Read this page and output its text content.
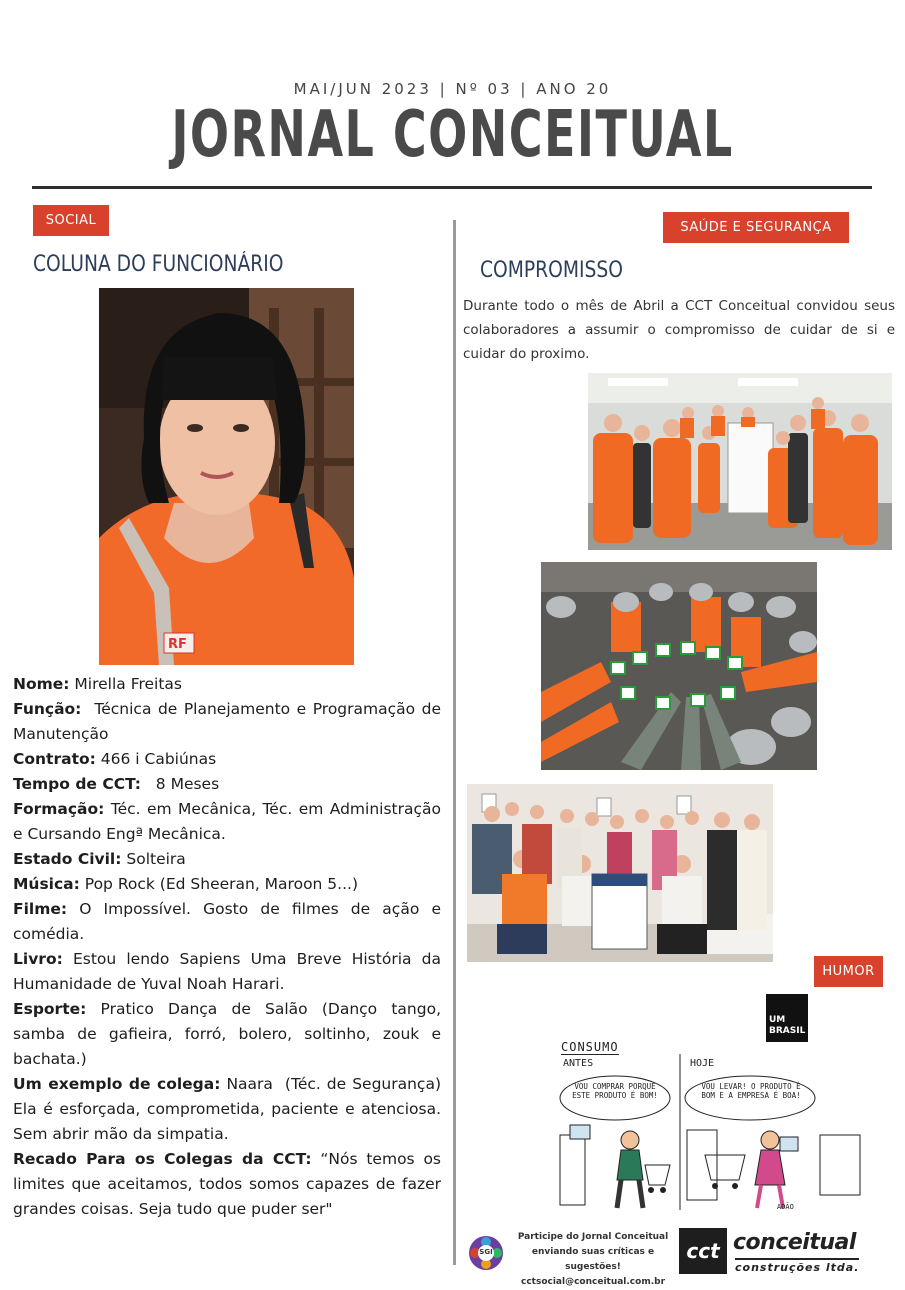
MAI/JUN 2023 | Nº 03 | ANO 20
JORNAL CONCEITUAL
SOCIAL
COLUNA DO FUNCIONÁRIO
RF

Nome: Mirella Freitas

Função:  Técnica de Planejamento e Programação de Manutenção

Contrato: 466 i Cabiúnas

Tempo de CCT:   8 Meses

Formação: Téc. em Mecânica, Téc. em Administração e Cursando Engª Mecânica.

Estado Civil: Solteira

Música: Pop Rock (Ed Sheeran, Maroon 5...)

Filme: O Impossível. Gosto de filmes de ação e comédia.

Livro: Estou lendo Sapiens Uma Breve História da Humanidade de Yuval Noah Harari.

Esporte: Pratico Dança de Salão (Danço tango, samba de gafieira, forró, bolero, soltinho, zouk e bachata.)

Um exemplo de colega: Naara  (Téc. de Segurança) Ela é esforçada, comprometida, paciente e atenciosa. Sem abrir mão da simpatia.

Recado Para os Colegas da CCT: “Nós temos os limites que aceitamos, todos somos capazes de fazer grandes coisas. Seja tudo que puder ser"

SAÚDE E SEGURANÇA
COMPROMISSO
Durante todo o mês de Abril a CCT Conceitual convidou seus colaboradores a assumir o compromisso de cuidar de si e cuidar do proximo.
HUMOR
UM BRASIL
CONSUMO
ANTES	HOJE
VOU COMPRAR PORQUE ESTE PRODUTO É BOM!
VOU LEVAR! O PRODUTO É BOM E A EMPRESA É BOA!
ADÃO
SGI
Participe do Jornal Conceitual
enviando suas críticas e sugestões!
cctsocial@conceitual.com.br
cct conceitual
construções ltda.
